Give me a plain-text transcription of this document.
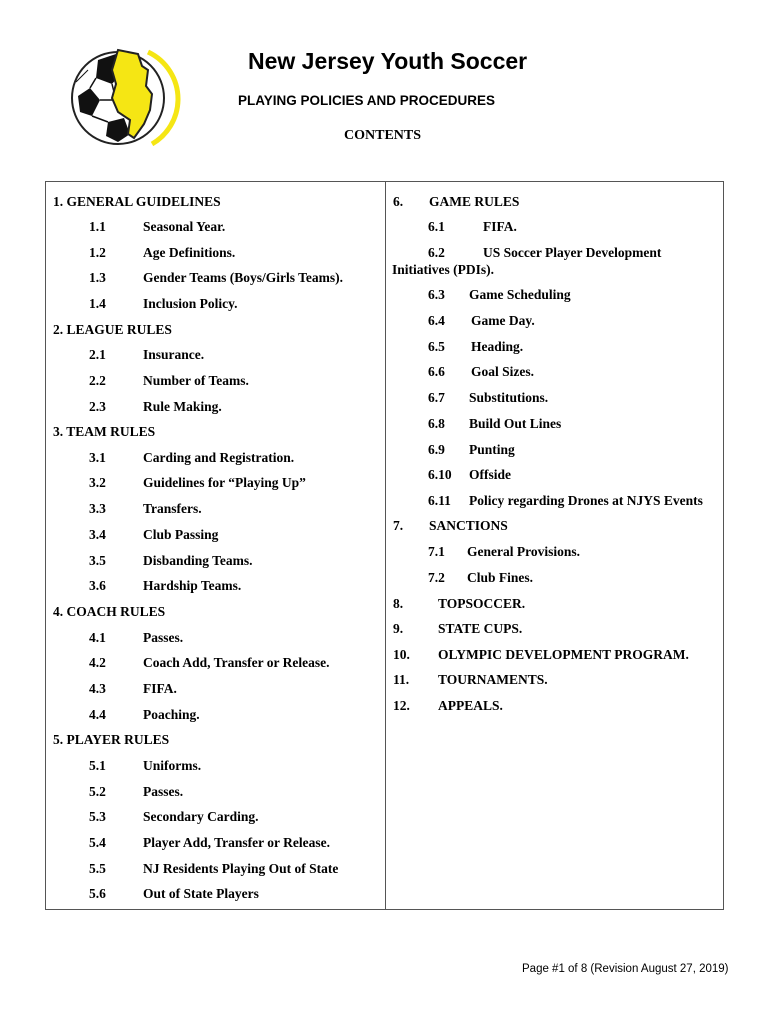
New Jersey Youth Soccer
PLAYING POLICIES AND PROCEDURES
CONTENTS
1. GENERAL GUIDELINES
1.1	Seasonal Year.
1.2	Age Definitions.
1.3	Gender Teams (Boys/Girls Teams).
1.4	Inclusion Policy.
2. LEAGUE RULES
2.1	Insurance.
2.2	Number of Teams.
2.3	Rule Making.
3. TEAM RULES
3.1	Carding and Registration.
3.2	Guidelines for “Playing Up”
3.3	Transfers.
3.4	Club Passing
3.5	Disbanding Teams.
3.6	Hardship Teams.
4. COACH RULES
4.1	Passes.
4.2	Coach Add, Transfer or Release.
4.3	FIFA.
4.4	Poaching.
5. PLAYER RULES
5.1	Uniforms.
5.2	Passes.
5.3	Secondary Carding.
5.4	Player Add, Transfer or Release.
5.5	NJ Residents Playing Out of State
5.6	Out of State Players
6. GAME RULES
6.1	FIFA.
6.2	US Soccer Player Development
Initiatives (PDIs).
6.3 Game Scheduling
6.4 Game Day.
6.5 Heading.
6.6 Goal Sizes.
6.7 Substitutions.
6.8 Build Out Lines
6.9 Punting
6.10 Offside
6.11 Policy regarding Drones at NJYS Events
7. SANCTIONS
7.1 General Provisions.
7.2 Club Fines.
8.	TOPSOCCER.
9.	STATE CUPS.
10. OLYMPIC DEVELOPMENT PROGRAM.
11. TOURNAMENTS.
12. APPEALS.
Page #1 of 8 (Revision August 27, 2019)
